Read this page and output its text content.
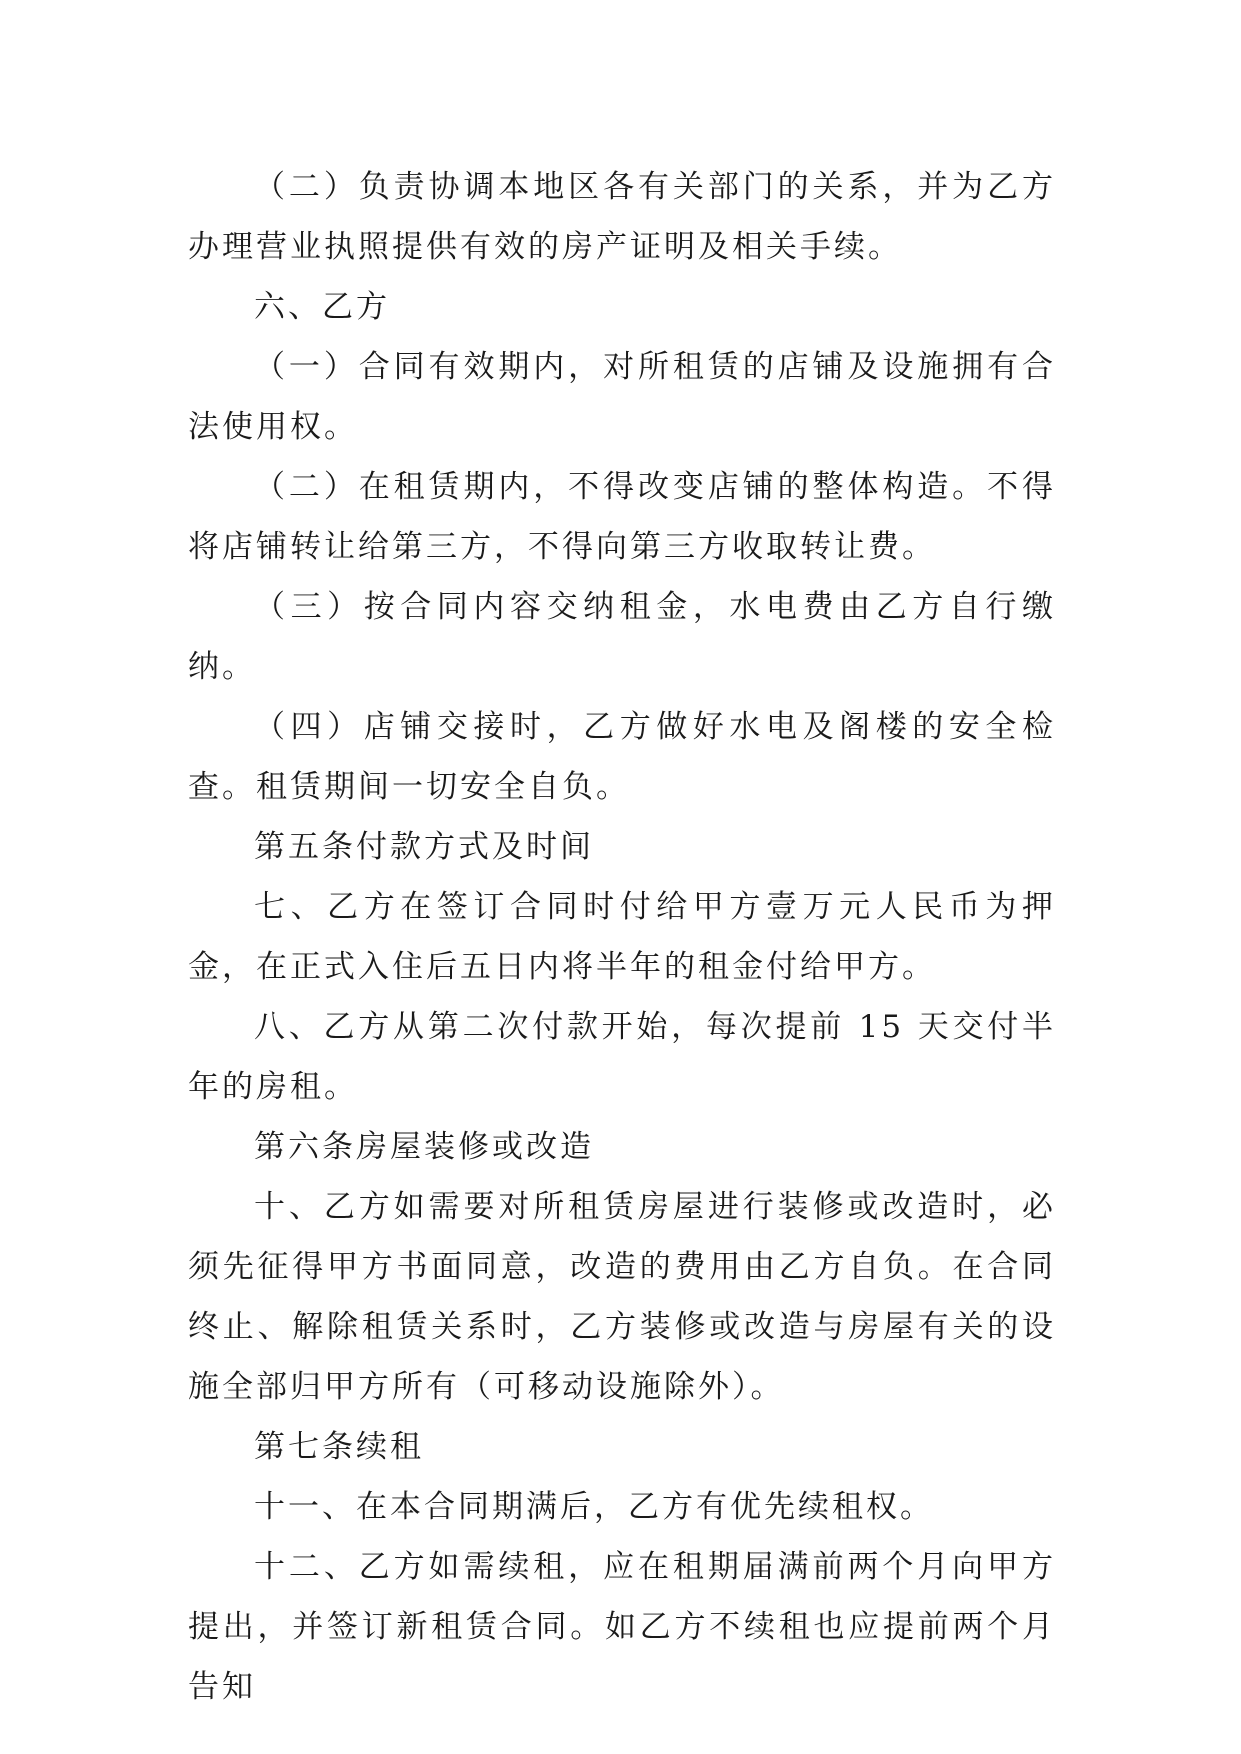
（二）负责协调本地区各有关部门的关系，并为乙方办理营业执照提供有效的房产证明及相关手续。

六、乙方

（一）合同有效期内，对所租赁的店铺及设施拥有合法使用权。

（二）在租赁期内，不得改变店铺的整体构造。不得将店铺转让给第三方，不得向第三方收取转让费。

（三）按合同内容交纳租金，水电费由乙方自行缴纳。

（四）店铺交接时，乙方做好水电及阁楼的安全检查。租赁期间一切安全自负。

第五条付款方式及时间

七、乙方在签订合同时付给甲方壹万元人民币为押金，在正式入住后五日内将半年的租金付给甲方。

八、乙方从第二次付款开始，每次提前 15 天交付半年的房租。

第六条房屋装修或改造

十、乙方如需要对所租赁房屋进行装修或改造时，必须先征得甲方书面同意，改造的费用由乙方自负。在合同终止、解除租赁关系时，乙方装修或改造与房屋有关的设施全部归甲方所有（可移动设施除外）。

第七条续租

十一、在本合同期满后，乙方有优先续租权。

十二、乙方如需续租，应在租期届满前两个月向甲方提出，并签订新租赁合同。如乙方不续租也应提前两个月告知
